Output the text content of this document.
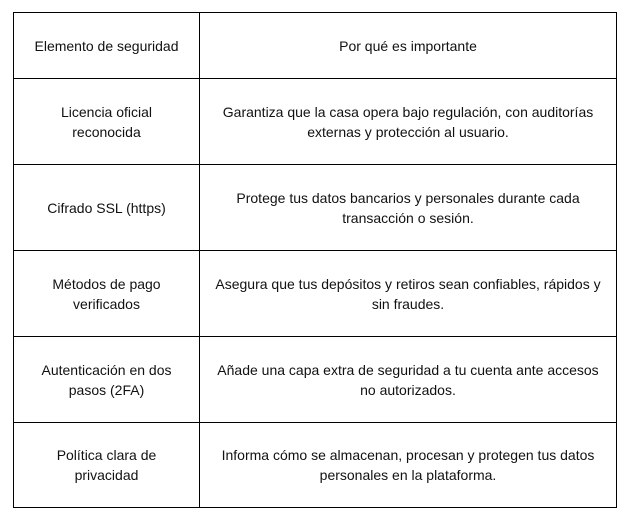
Elemento de seguridad	Por qué es importante
Licencia oficial reconocida	Garantiza que la casa opera bajo regulación, con auditorías externas y protección al usuario.
Cifrado SSL (https)	Protege tus datos bancarios y personales durante cada transacción o sesión.
Métodos de pago verificados	Asegura que tus depósitos y retiros sean confiables, rápidos y sin fraudes.
Autenticación en dos pasos (2FA)	Añade una capa extra de seguridad a tu cuenta ante accesos no autorizados.
Política clara de privacidad	Informa cómo se almacenan, procesan y protegen tus datos personales en la plataforma.
